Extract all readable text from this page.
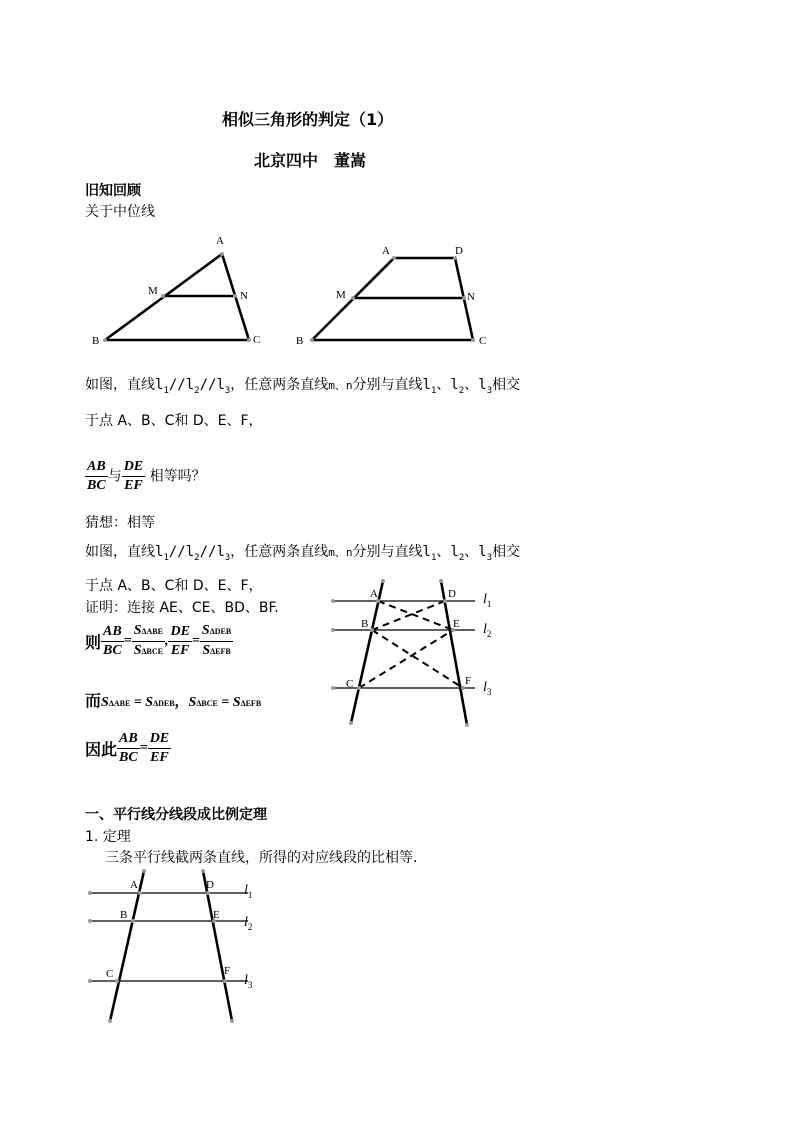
相似三角形的判定（1）
北京四中　董嵩
旧知回顾
关于中位线
A
M	N
B	C
A	D
M	N
B	C
如图，直线$l_1//l_2//l_3$，任意两条直线m、n分别与直线$l_1$、$l_2$、$l_3$相交
于点 A、B、C和 D、E、F，
$\frac{AB}{BC}$ 与 $\frac{DE}{EF}$ 相等吗？
猜想：相等
如图，直线$l_1//l_2//l_3$，任意两条直线m、n分别与直线$l_1$、$l_2$、$l_3$相交
于点 A、B、C和 D、E、F，
证明：连接 AE、CE、BD、BF.
则 $\frac{AB}{BC} = \frac{\text{SΔABE}}{\text{SΔBCE}}$ , $\frac{DE}{EF} = \frac{\text{SΔDEB}}{\text{SΔEFB}}$
而SΔABE = SΔDEB，SΔBCE = SΔEFB
因此 $\frac{AB}{BC} = \frac{DE}{EF}$
A	D
B	E
C	F
$l_1$
$l_2$
$l_3$
一、平行线分线段成比例定理
1. 定理
三条平行线截两条直线，所得的对应线段的比相等.
A	D
B	E
C	F
$l_1$
$l_2$
$l_3$
